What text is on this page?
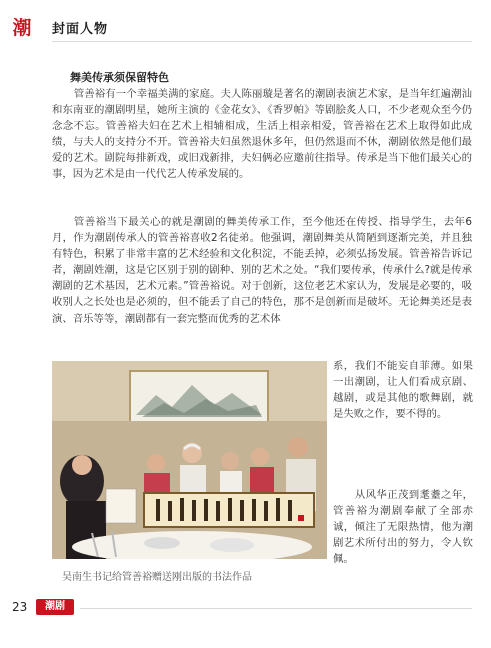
潮 封面人物
舞美传承须保留特色

管善裕有一个幸福美满的家庭。夫人陈丽璇是著名的潮剧表演艺术家，是当年红遍潮汕和东南亚的潮剧明星，她所主演的《金花女》、《香罗帕》等剧脍炙人口，不少老观众至今仍念念不忘。管善裕夫妇在艺术上相辅相成，生活上相亲相爱，管善裕在艺术上取得如此成绩，与夫人的支持分不开。管善裕夫妇虽然退休多年，但仍然退而不休，潮剧依然是他们最爱的艺术。剧院每排新戏，或旧戏新排，夫妇俩必应邀前往指导。传承是当下他们最关心的事，因为艺术是由一代代艺人传承发展的。

管善裕当下最关心的就是潮剧的舞美传承工作，至今他还在传授、指导学生，去年6月，作为潮剧传承人的管善裕喜收2名徒弟。他强调，潮剧舞美从简陋到逐渐完美，并且独有特色，积累了非常丰富的艺术经验和文化积淀，不能丢掉，必须弘扬发展。管善裕告诉记者，潮剧姓潮，这是它区别于别的剧种、别的艺术之处。“我们要传承，传承什么?就是传承潮剧的艺术基因，艺术元素。”管善裕说。对于创新，这位老艺术家认为，发展是必要的，吸收别人之长处也是必须的，但不能丢了自己的特色，那不是创新而是破坏。无论舞美还是表演、音乐等等，潮剧都有一套完整而优秀的艺术体

系，我们不能妄自菲薄。如果一出潮剧，让人们看成京剧、越剧，或是其他的歌舞剧，就是失败之作，要不得的。

从风华正茂到耄耋之年，管善裕为潮剧奉献了全部赤诚，倾注了无限热情，他为潮剧艺术所付出的努力，令人钦佩。

吴南生书记给管善裕赠送刚出版的书法作品
23	潮剧
